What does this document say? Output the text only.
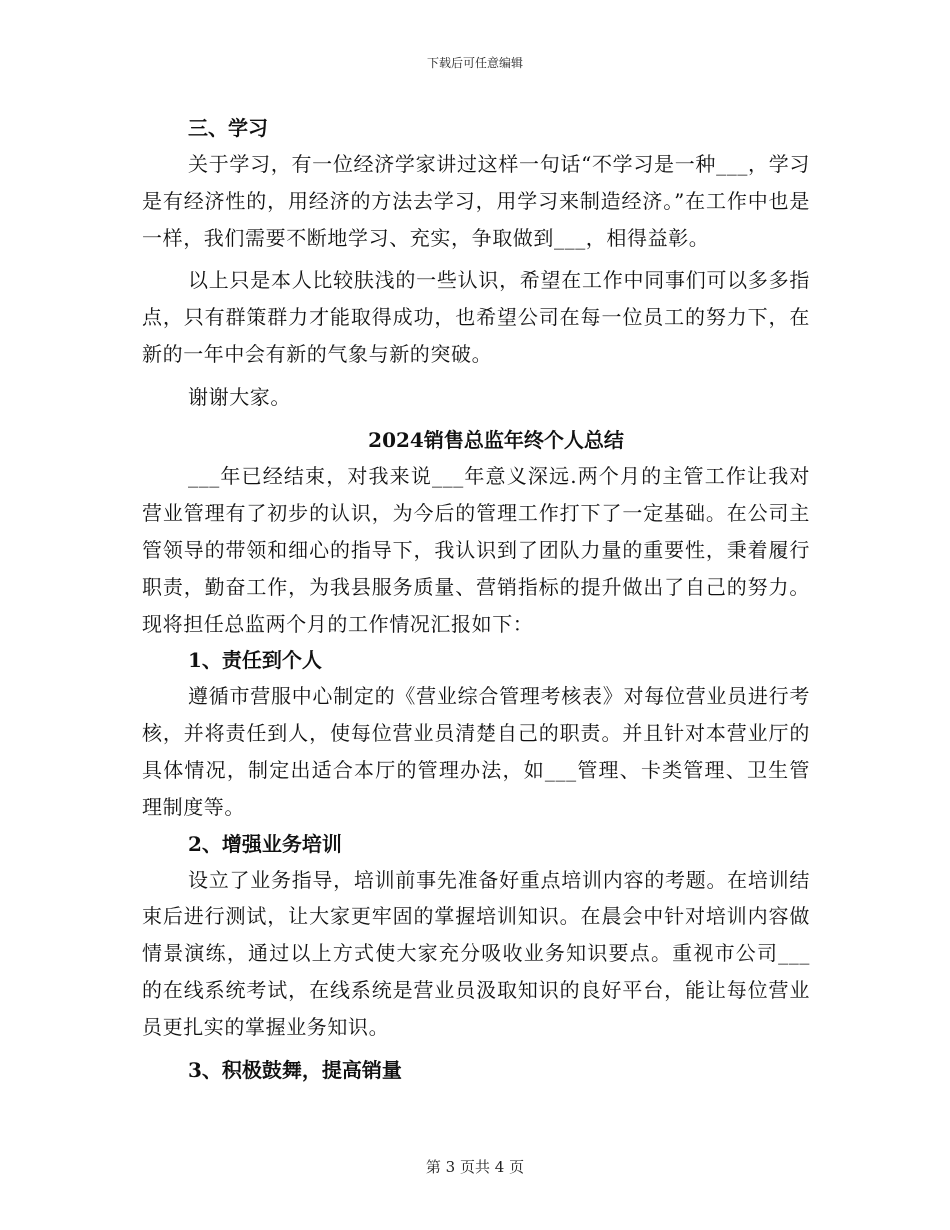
下载后可任意编辑

三、学习

关于学习，有一位经济学家讲过这样一句话“不学习是一种___，学习是有经济性的，用经济的方法去学习，用学习来制造经济。”在工作中也是一样，我们需要不断地学习、充实，争取做到___，相得益彰。

以上只是本人比较肤浅的一些认识，希望在工作中同事们可以多多指点，只有群策群力才能取得成功，也希望公司在每一位员工的努力下，在新的一年中会有新的气象与新的突破。

谢谢大家。

2024销售总监年终个人总结

___年已经结束，对我来说___年意义深远.两个月的主管工作让我对营业管理有了初步的认识，为今后的管理工作打下了一定基础。在公司主管领导的带领和细心的指导下，我认识到了团队力量的重要性，秉着履行职责，勤奋工作，为我县服务质量、营销指标的提升做出了自己的努力。现将担任总监两个月的工作情况汇报如下：

1、责任到个人

遵循市营服中心制定的《营业综合管理考核表》对每位营业员进行考核，并将责任到人，使每位营业员清楚自己的职责。并且针对本营业厅的具体情况，制定出适合本厅的管理办法，如___管理、卡类管理、卫生管理制度等。

2、增强业务培训

设立了业务指导，培训前事先准备好重点培训内容的考题。在培训结束后进行测试，让大家更牢固的掌握培训知识。在晨会中针对培训内容做情景演练，通过以上方式使大家充分吸收业务知识要点。重视市公司___的在线系统考试，在线系统是营业员汲取知识的良好平台，能让每位营业员更扎实的掌握业务知识。

3、积极鼓舞，提高销量

第 3 页共 4 页
